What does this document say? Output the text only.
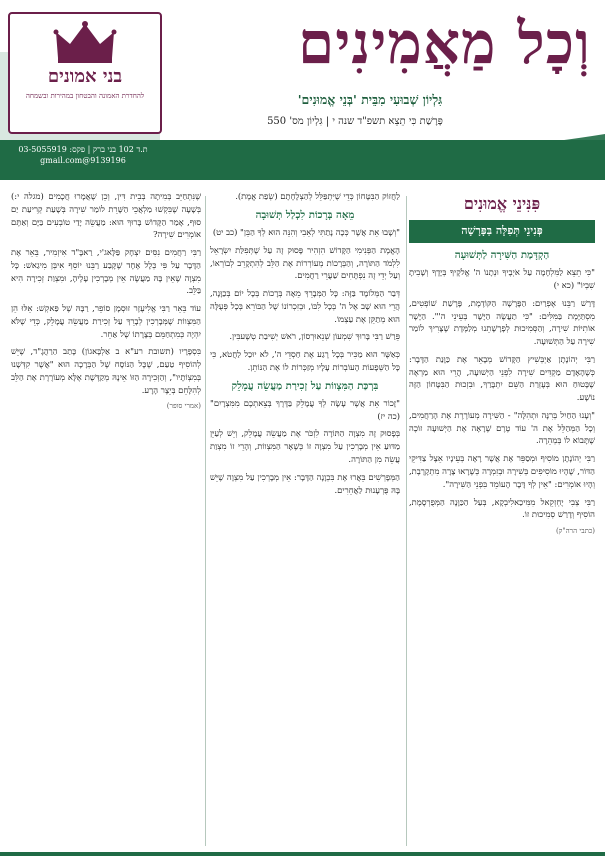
בני אמונים
להחדרת האמונה והבטחון במהירות ובשמחה
וְכָל מַאֲמִינִים
גִּלְיוֹן שְׁבוּעִי מִבֵּית 'בְּנֵי אֱמוּנִים'
פָּרָשַׁת כִּי תֵצֵא תשפ"ד שנה י | גִּלְיוֹן מס' 550
ת.ד 102 בני ברק | פקס: 03-5055919
9139196@gmail.com
פִּנִּינֵי אֱמוּנִים
פְּנִינֵי תְּפִלָּה בַּפָּרָשָׁה
הַקְדָּמַת הַשִּׁירָה לַתְּשׁוּעָה

"כִּי תֵצֵא לַמִּלְחָמָה עַל אֹיְבֶיךָ וּנְתָנוֹ ה' אֱלֹקֶיךָ בְּיָדֶךָ וְשָׁבִיתָ שִׁבְיוֹ" (כא י)

דָּרַשׁ רַבֵּנוּ אֶפְרַיִם: הַפָּרָשָׁה הַקּוֹדֶמֶת, פָּרָשַׁת שׁוֹפְטִים, מִסְתַּיֶּמֶת בַּמִּלִּים: "כִּי תַעֲשֶׂה הַיָּשָׁר בְּעֵינֵי ה'". הַיָּשָׁר אוֹתִיּוֹת שִׁירָה, וְהַסְּמִיכוּת לְפָרָשָׁתֵנוּ מְלַמֶּדֶת שֶׁצָּרִיךְ לוֹמַר שִׁירָה עַל הַתְּשׁוּעָה.

רַבִּי יְהוֹנָתָן אַיְבְּשִׁיץ הַקָּדוֹשׁ מְבָאֵר אֶת כַּוָּנַת הַדָּבָר: כְּשֶׁהָאָדָם מַקְדִּים שִׁירָה לִפְנֵי הַיְּשׁוּעָה, הֲרֵי הוּא מַרְאֶה שֶׁבָּטוּחַ הוּא בְּעֶזְרַת הַשֵּׁם יִתְבָּרַךְ, וּבִזְכוּת הַבִּטָּחוֹן הַזֶּה נוֹשָׁע.

"וְעָנוּ הַחַיִל בְּרִנָּה וּתְהִלָּה" - הַשִּׁירָה מְעוֹרֶרֶת אֶת הָרַחֲמִים, וְכָל הַמְּהַלֵּל אֶת ה' עוֹד טֶרֶם שֶׁרָאָה אֶת הַיְּשׁוּעָה זוֹכֶה שֶׁתָּבוֹא לוֹ בְּמְהֵרָה.

רַבִּי יְהוֹנָתָן מוֹסִיף וּמְסַפֵּר אֶת אֲשֶׁר רָאָה בְּעֵינָיו אֵצֶל צַדִּיקֵי הַדּוֹר, שֶׁהָיוּ מוֹסִיפִים בְּשִׁירָה וּבְזִמְרָה כְּשֶׁרָאוּ צָרָה מִתְקָרֶבֶת, וְהָיוּ אוֹמְרִים: "אֵין לְךָ דָּבָר הָעוֹמֵד בִּפְנֵי הַשִּׁירָה".

רַבִּי צְבִי יֶחְזְקֵאל מִמִּיכַאלִיבְקָא, בְּעַל הַכַּוָּנָה הַמְּפֻרְסֶמֶת, הוֹסִיף וְדָרַשׁ סְמִיכוּת זוֹ.

(כתבי הרה"ק)

לַחֲזוֹק הַבִּטָּחוֹן כְּדֵי שֶׁיִּתְפַּלֵּל לְהַצְלָחָתָם (שְׂפַת אֱמֶת).

מֵאָה בְּרָכוֹת לִכְלַל תְּשׁוּבָה

"וְשָׁבוּ אֵת אֲשֶׁר כְּכָה נָתַתִּי לְאֵבִי וְהִנֵּה הוּא לְךָ הַבֵּן" (כב יט)

הָאֱמֶת הַפְּנִימִי הַקָּדוֹשׁ הִזְהִיר פָּסוּק זֶה עַל שֶׁתְּפִלַּת יִשְׂרָאֵל לִלְמֹד הַתּוֹרָה, וְהַבְּרָכוֹת מְעוֹרְרוֹת אֶת הַלֵּב לְהִתְקָרֵב לְבוֹרְאוֹ, וְעַל יְדֵי זֶה נִפְתָּחִים שַׁעֲרֵי רַחֲמִים.

דְּבַר הַמְּלוֹמָד בַּזֶּה: כָּל הַמְּבָרֵךְ מֵאָה בְּרָכוֹת בְּכָל יוֹם בְּכַוָּנָה, הֲרֵי הוּא שָׁב אֶל ה' בְּכָל לִבּוֹ, וּבְזִכְרוֹנוֹ שֶׁל הַבּוֹרֵא בְּכָל פְּעֻלָּה הוּא מְתַקֵּן אֶת עַצְמוֹ.

פֵּרַשׁ רַבִּי בָּרוּךְ שִׁמְעוֹן שְׁנֵאוּרְסוֹן, רֹאשׁ יְשִׁיבַת טְשֶׁעבִּין.

כְּאַשֶּׁר הוּא מַכִּיר בְּכָל רֶגַע אֶת חַסְדֵי ה', לֹא יוּכַל לַחֲטֹא, כִּי כָּל הַשְּׁפָעוֹת הָעוֹבְרוֹת עָלָיו מְזַכְּרוֹת לוֹ אֶת הַנּוֹתֵן.

בִּרְכַּת הַמִּצְווֹת עַל זְכִירַת מַעֲשֵׂה עֲמָלֵק

"זָכוֹר אֵת אֲשֶׁר עָשָׂה לְךָ עֲמָלֵק בַּדֶּרֶךְ בְּצֵאתְכֶם מִמִּצְרָיִם" (כה יז)

בְּפָסוּק זֶה מִצְוָה הַתּוֹרָה לִזְכֹּר אֶת מַעֲשֵׂה עֲמָלֵק, וְיֵשׁ לְעַיֵּן מַדּוּעַ אֵין מְבָרְכִין עַל מִצְוָה זוֹ כְּשֶׁאָר הַמִּצְווֹת, וְהָרֵי זוֹ מִצְוַת עֲשֵׂה מִן הַתּוֹרָה.

הַמְּפָרְשִׁים בֵּאֲרוּ אֶת בִּכְוָנָה הַדָּבָר: אֵין מְבָרְכִין עַל מִצְוָה שֶׁיֵּשׁ בָּהּ פֻּרְעָנוּת לַאֲחֵרִים.

שֶׁנִּתְחַיֵּב בְּמִיתָה בְּבֵית דִּין, וְכֵן שֶׁאֲמָרוּ חֲכָמִים (מגלה י:) בְּשָׁעָה שֶׁבִּקְשׁוּ מַלְאֲכֵי הַשָּׁרֵת לוֹמַר שִׁירָה בְּשָׁעַת קְרִיעַת יַם סוּף, אָמַר הַקָּדוֹשׁ בָּרוּךְ הוּא: מַעֲשֵׂה יָדַי טוֹבְעִים בַּיָּם וְאַתֶּם אוֹמְרִים שִׁירָה?

רַבִּי רַחֲמִים נִסִּים יִצְחָק פַּלָּאג'י, רַאבָּ"ד אִיזְמִיר, בֵּאֵר אֶת הַדָּבָר עַל פִּי כְּלָל אֶחָד שֶׁקָּבַע רַבֵּנוּ יוֹסֵף אִיבְּן מִיגַאשׁ: כָּל מִצְוָה שֶׁאֵין בָּהּ מַעֲשֶׂה אֵין מְבָרְכִין עָלֶיהָ, וּמִצְוַת זְכִירָה הִיא בַּלֵּב.

עוֹד בֵּאֵר רַבִּי אֱלִיעֶזֶר זוּסְמָן סוֹפֵר, רַבָּהּ שֶׁל פַּאקְשׁ: אֵלּוּ הֵן הַמִּצְווֹת שֶׁמְּבָרְכִין לְבָרֵךְ עַל זְכִירַת מַעֲשֵׂה עֲמָלֵק, כְּדֵי שֶׁלֹּא יִהְיֶה כְּמִתְחַמֵּם בְּצָרָתוֹ שֶׁל אַחֵר.

בִּסְפָרָיו (תשובת רע"א ב אַלְבָּאגוֹן) כָּתַב הַרַהֲגָ"ד, שֶׁיֵּשׁ לְהוֹסִיף טַעַם, שֶׁכָּל הַנּוֹסָח שֶׁל הַבְּרָכָה הוּא "אֲשֶׁר קִדְּשָׁנוּ בְּמִצְוֹתָיו", וְהַזְּכִירָה הַזּוֹ אֵינָהּ מְקַדֶּשֶׁת אֶלָּא מְעוֹרֶרֶת אֶת הַלֵּב לְהִלָּחֵם בְּיֵצֶר הָרָע.

(אמרי סופר)
